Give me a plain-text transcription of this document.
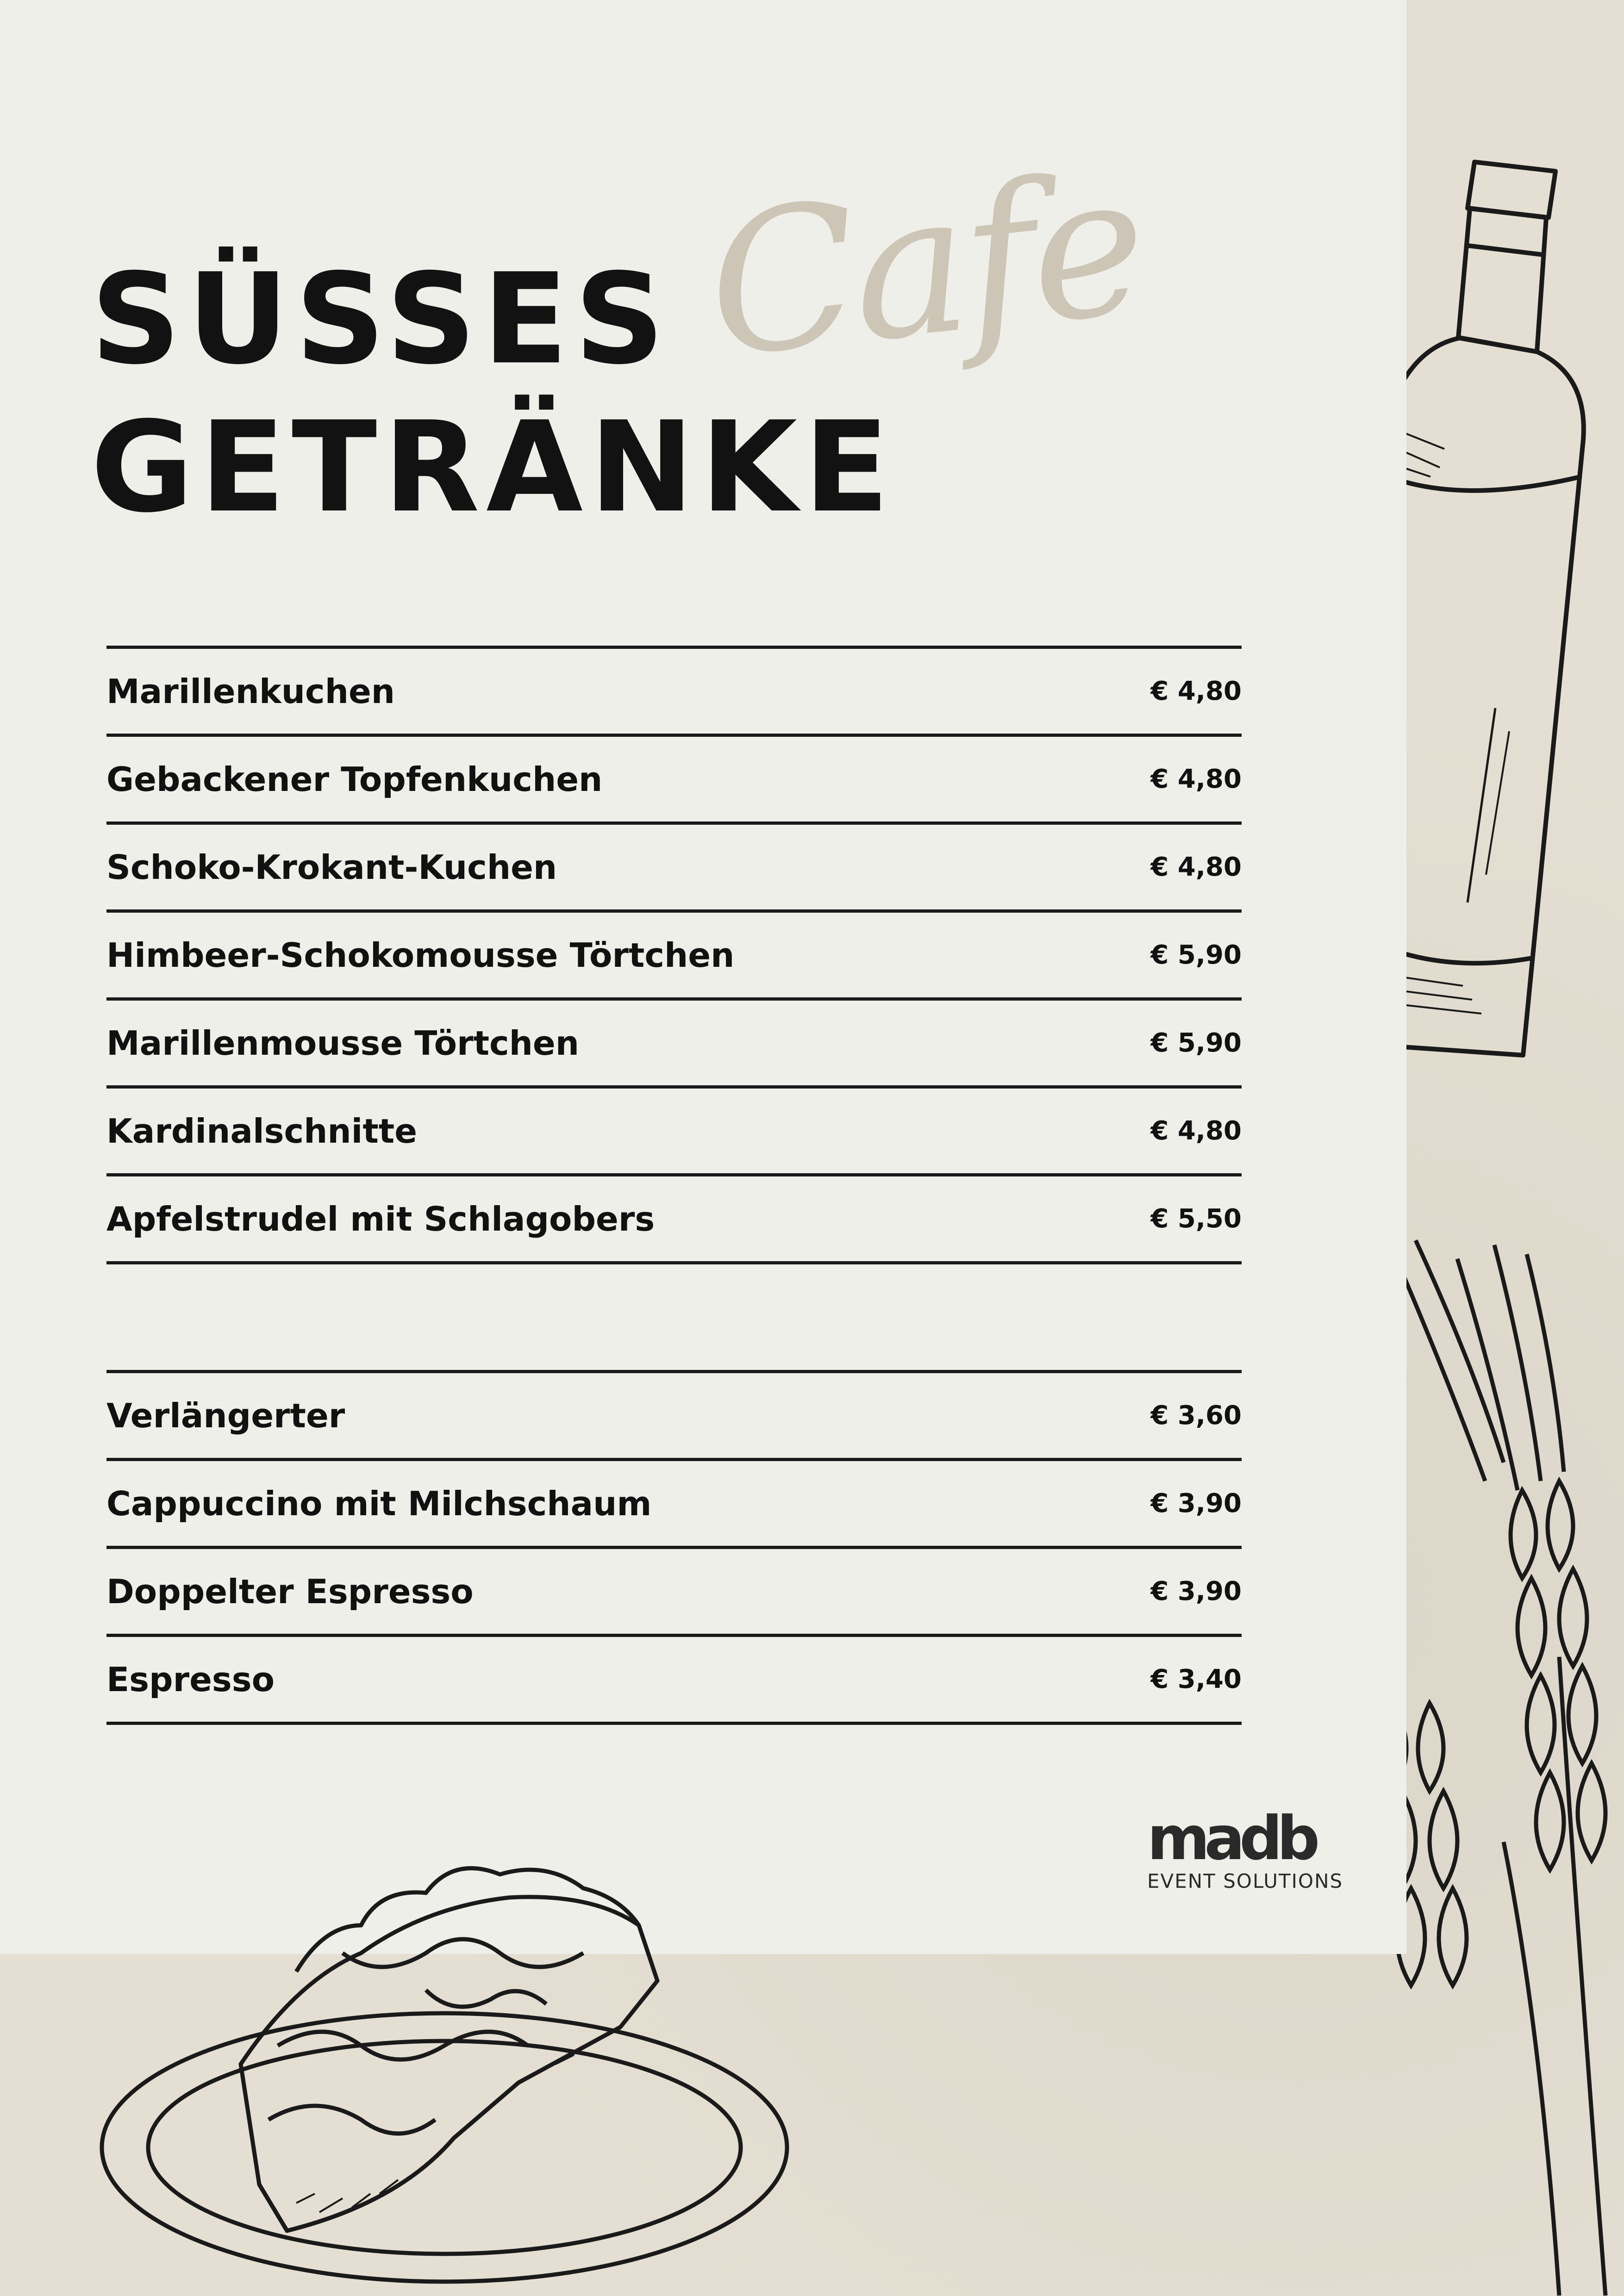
Cafe
SÜSSES
GETRÄNKE
Marillenkuchen	€ 4,80
Gebackener Topfenkuchen	€ 4,80
Schoko-Krokant-Kuchen	€ 4,80
Himbeer-Schokomousse Törtchen	€ 5,90
Marillenmousse Törtchen	€ 5,90
Kardinalschnitte	€ 4,80
Apfelstrudel mit Schlagobers	€ 5,50
Verlängerter	€ 3,60
Cappuccino mit Milchschaum	€ 3,90
Doppelter Espresso	€ 3,90
Espresso	€ 3,40
madb
EVENT SOLUTIONS
